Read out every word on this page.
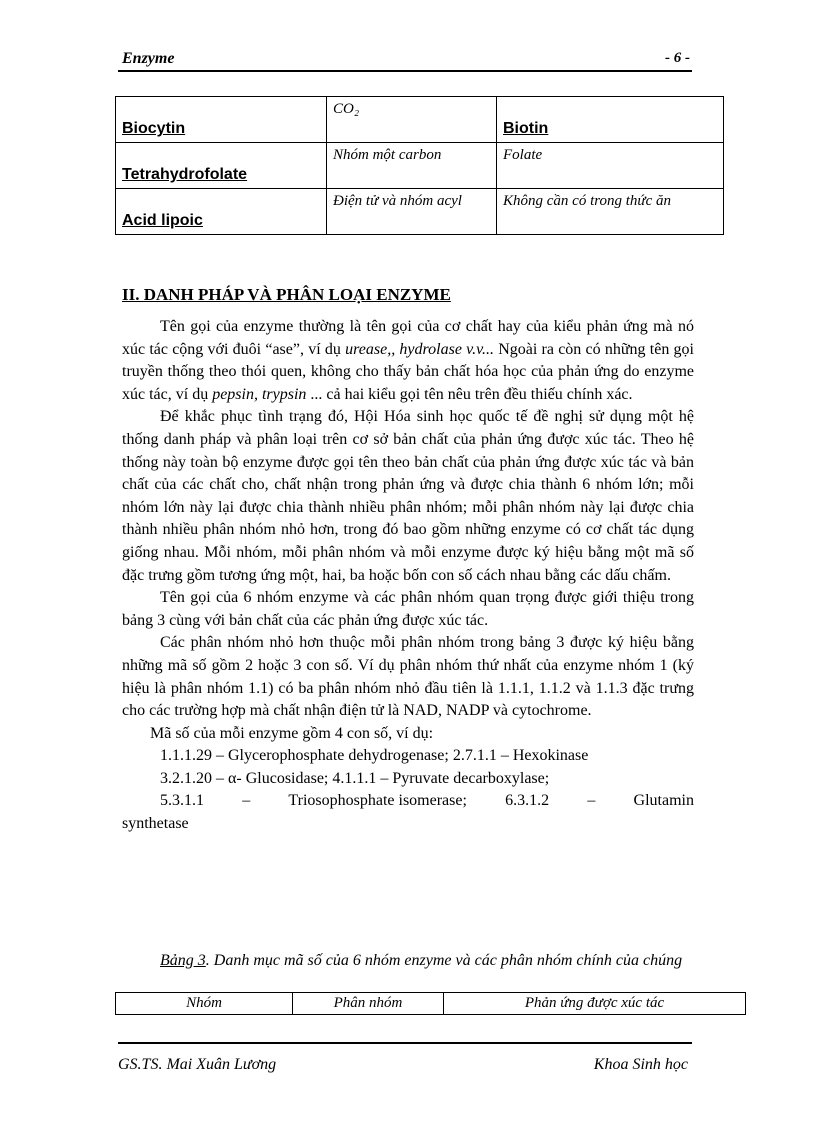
Enzyme	- 6 -
Biocytin	CO₂	Biotin
Tetrahydrofolate	Nhóm một carbon	Folate
Acid lipoic	Điện tử và nhóm acyl	Không cần có trong thức ăn
II. DANH PHÁP VÀ PHÂN LOẠI ENZYME

Tên gọi của enzyme thường là tên gọi của cơ chất hay của kiểu phản ứng mà nó xúc tác cộng với đuôi “ase”, ví dụ urease,, hydrolase v.v... Ngoài ra còn có những tên gọi truyền thống theo thói quen, không cho thấy bản chất hóa học của phản ứng do enzyme xúc tác, ví dụ pepsin, trypsin ... cả hai kiểu gọi tên nêu trên đều thiếu chính xác.

Để khắc phục tình trạng đó, Hội Hóa sinh học quốc tế đề nghị sử dụng một hệ thống danh pháp và phân loại trên cơ sở bản chất của phản ứng được xúc tác. Theo hệ thống này toàn bộ enzyme được gọi tên theo bản chất của phản ứng được xúc tác và bản chất của các chất cho, chất nhận trong phản ứng và được chia thành 6 nhóm lớn; mỗi nhóm lớn này lại được chia thành nhiều phân nhóm; mỗi phân nhóm này lại được chia thành nhiều phân nhóm nhỏ hơn, trong đó bao gồm những enzyme có cơ chất tác dụng giống nhau. Mỗi nhóm, mỗi phân nhóm và mỗi enzyme được ký hiệu bằng một mã số đặc trưng gồm tương ứng một, hai, ba hoặc bốn con số cách nhau bằng các dấu chấm.

Tên gọi của 6 nhóm enzyme và các phân nhóm quan trọng được giới thiệu trong bảng 3 cùng với bản chất của các phản ứng được xúc tác.

Các phân nhóm nhỏ hơn thuộc mỗi phân nhóm trong bảng 3 được ký hiệu bằng những mã số gồm 2 hoặc 3 con số. Ví dụ phân nhóm thứ nhất của enzyme nhóm 1 (ký hiệu là phân nhóm 1.1) có ba phân nhóm nhỏ đầu tiên là 1.1.1, 1.1.2 và 1.1.3 đặc trưng cho các trường hợp mà chất nhận điện tử là NAD, NADP và cytochrome.

Mã số của mỗi enzyme gồm 4 con số, ví dụ:

1.1.1.29 – Glycerophosphate dehydrogenase; 2.7.1.1 – Hexokinase

3.2.1.20 – α- Glucosidase; 4.1.1.1 – Pyruvate decarboxylase;

5.3.1.1 – Triosophosphate isomerase; 6.3.1.2 – Glutamin

synthetase

Bảng 3. Danh mục mã số của 6 nhóm enzyme và các phân nhóm chính của chúng
Nhóm	Phân nhóm	Phản ứng được xúc tác
GS.TS. Mai Xuân Lương	Khoa Sinh học
